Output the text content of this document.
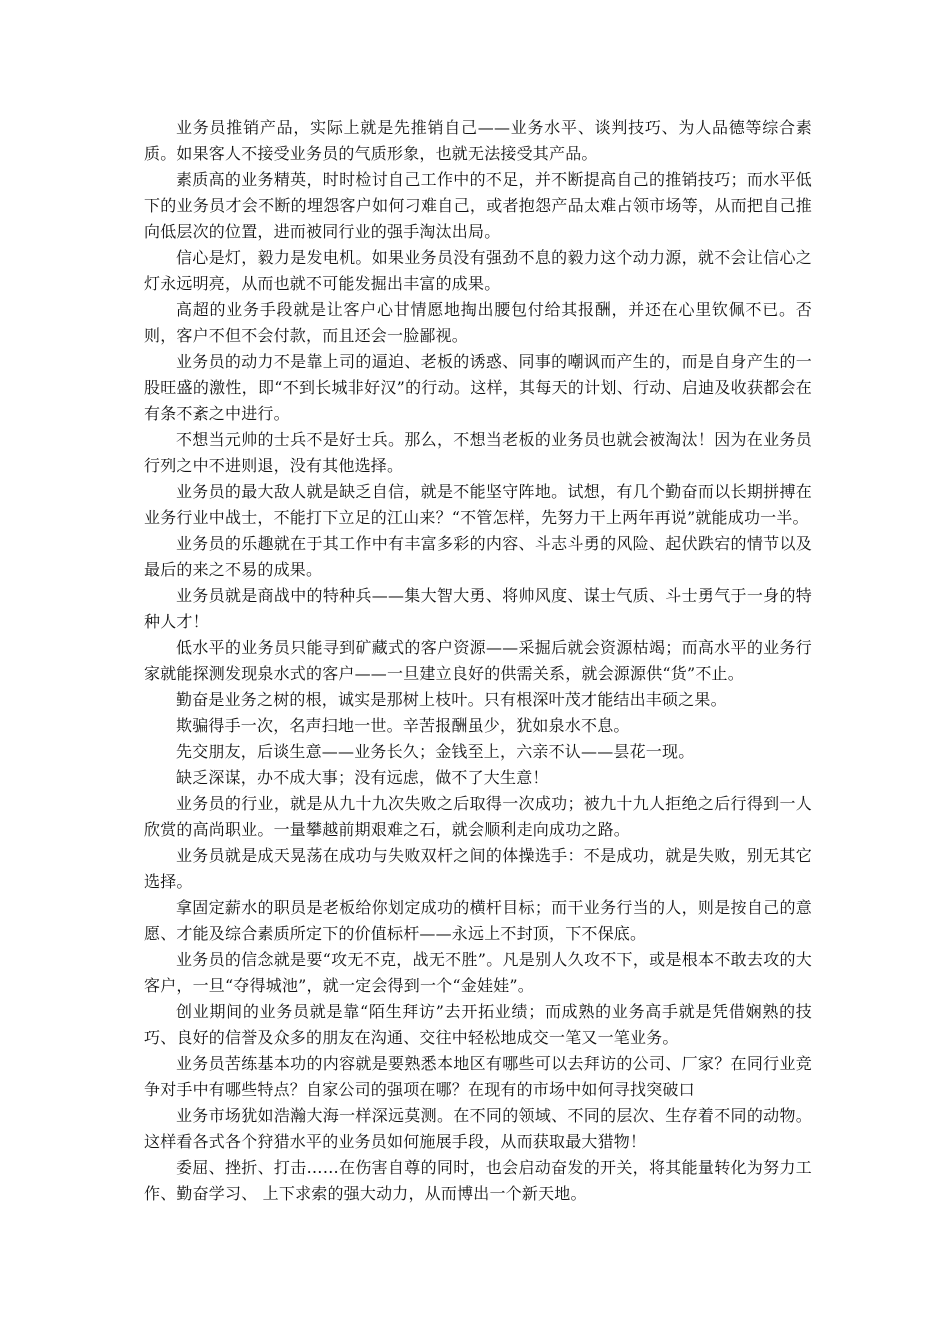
业务员推销产品，实际上就是先推销自己——业务水平、谈判技巧、为人品德等综合素质。如果客人不接受业务员的气质形象，也就无法接受其产品。

素质高的业务精英，时时检讨自己工作中的不足，并不断提高自己的推销技巧；而水平低下的业务员才会不断的埋怨客户如何刁难自己，或者抱怨产品太难占领市场等，从而把自己推向低层次的位置，进而被同行业的强手淘汰出局。

信心是灯，毅力是发电机。如果业务员没有强劲不息的毅力这个动力源，就不会让信心之灯永远明亮，从而也就不可能发掘出丰富的成果。

高超的业务手段就是让客户心甘情愿地掏出腰包付给其报酬，并还在心里钦佩不已。否则，客户不但不会付款，而且还会一脸鄙视。

业务员的动力不是靠上司的逼迫、老板的诱惑、同事的嘲讽而产生的，而是自身产生的一股旺盛的激性，即“不到长城非好汉”的行动。这样，其每天的计划、行动、启迪及收获都会在有条不紊之中进行。

不想当元帅的士兵不是好士兵。那么，不想当老板的业务员也就会被淘汰！因为在业务员行列之中不进则退，没有其他选择。

业务员的最大敌人就是缺乏自信，就是不能坚守阵地。试想，有几个勤奋而以长期拼搏在业务行业中战士，不能打下立足的江山来？“不管怎样，先努力干上两年再说”就能成功一半。

业务员的乐趣就在于其工作中有丰富多彩的内容、斗志斗勇的风险、起伏跌宕的情节以及最后的来之不易的成果。

业务员就是商战中的特种兵——集大智大勇、将帅风度、谋士气质、斗士勇气于一身的特种人才！

低水平的业务员只能寻到矿藏式的客户资源——采掘后就会资源枯竭；而高水平的业务行家就能探测发现泉水式的客户——一旦建立良好的供需关系，就会源源供“货”不止。

勤奋是业务之树的根，诚实是那树上枝叶。只有根深叶茂才能结出丰硕之果。

欺骗得手一次，名声扫地一世。辛苦报酬虽少，犹如泉水不息。

先交朋友，后谈生意——业务长久；金钱至上，六亲不认——昙花一现。

缺乏深谋，办不成大事；没有远虑，做不了大生意！

业务员的行业，就是从九十九次失败之后取得一次成功；被九十九人拒绝之后行得到一人欣赏的高尚职业。一量攀越前期艰难之石，就会顺利走向成功之路。

业务员就是成天晃荡在成功与失败双杆之间的体操选手：不是成功，就是失败，别无其它选择。

拿固定薪水的职员是老板给你划定成功的横杆目标；而干业务行当的人，则是按自己的意愿、才能及综合素质所定下的价值标杆——永远上不封顶，下不保底。

业务员的信念就是要“攻无不克，战无不胜”。凡是别人久攻不下，或是根本不敢去攻的大客户，一旦“夺得城池”，就一定会得到一个“金娃娃”。

创业期间的业务员就是靠“陌生拜访”去开拓业绩；而成熟的业务高手就是凭借娴熟的技巧、良好的信誉及众多的朋友在沟通、交往中轻松地成交一笔又一笔业务。

业务员苦练基本功的内容就是要熟悉本地区有哪些可以去拜访的公司、厂家？在同行业竞争对手中有哪些特点？自家公司的强项在哪？在现有的市场中如何寻找突破口

业务市场犹如浩瀚大海一样深远莫测。在不同的领域、不同的层次、生存着不同的动物。这样看各式各个狩猎水平的业务员如何施展手段，从而获取最大猎物！

委屈、挫折、打击……在伤害自尊的同时，也会启动奋发的开关，将其能量转化为努力工作、勤奋学习、 上下求索的强大动力，从而博出一个新天地。
